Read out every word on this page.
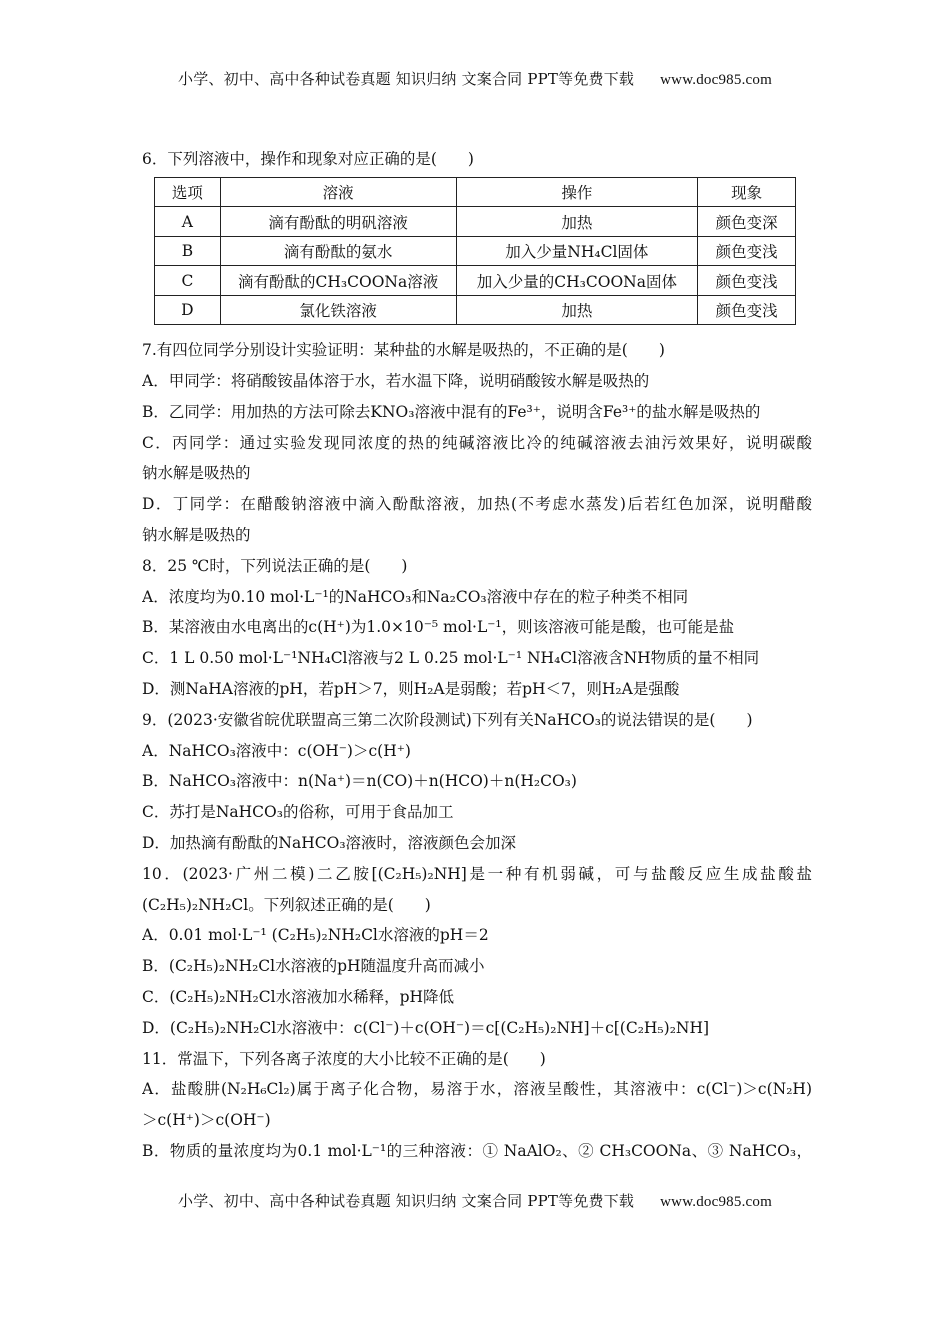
小学、初中、高中各种试卷真题 知识归纳 文案合同 PPT等免费下载 www.doc985.com
6．下列溶液中，操作和现象对应正确的是(　　)
选项	溶液	操作	现象
A	滴有酚酞的明矾溶液	加热	颜色变深
B	滴有酚酞的氨水	加入少量NH₄Cl固体	颜色变浅
C	滴有酚酞的CH₃COONa溶液	加入少量的CH₃COONa固体	颜色变浅
D	氯化铁溶液	加热	颜色变浅
7.有四位同学分别设计实验证明：某种盐的水解是吸热的，不正确的是(　　)
A．甲同学：将硝酸铵晶体溶于水，若水温下降，说明硝酸铵水解是吸热的
B．乙同学：用加热的方法可除去KNO₃溶液中混有的Fe³⁺，说明含Fe³⁺的盐水解是吸热的
C．丙同学：通过实验发现同浓度的热的纯碱溶液比冷的纯碱溶液去油污效果好，说明碳酸
钠水解是吸热的
D．丁同学：在醋酸钠溶液中滴入酚酞溶液，加热(不考虑水蒸发)后若红色加深，说明醋酸
钠水解是吸热的
8．25 ℃时，下列说法正确的是(　　)
A．浓度均为0.10 mol·L⁻¹的NaHCO₃和Na₂CO₃溶液中存在的粒子种类不相同
B．某溶液由水电离出的c(H⁺)为1.0×10⁻⁵ mol·L⁻¹，则该溶液可能是酸，也可能是盐
C．1 L 0.50 mol·L⁻¹NH₄Cl溶液与2 L 0.25 mol·L⁻¹ NH₄Cl溶液含NH物质的量不相同
D．测NaHA溶液的pH，若pH＞7，则H₂A是弱酸；若pH＜7，则H₂A是强酸
9．(2023·安徽省皖优联盟高三第二次阶段测试)下列有关NaHCO₃的说法错误的是(　　)
A．NaHCO₃溶液中：c(OH⁻)＞c(H⁺)
B．NaHCO₃溶液中：n(Na⁺)＝n(CO)＋n(HCO)＋n(H₂CO₃)
C．苏打是NaHCO₃的俗称，可用于食品加工
D．加热滴有酚酞的NaHCO₃溶液时，溶液颜色会加深
10．(2023·广州二模)二乙胺[(C₂H₅)₂NH]是一种有机弱碱，可与盐酸反应生成盐酸盐
(C₂H₅)₂NH₂Cl。下列叙述正确的是(　　)
A．0.01 mol·L⁻¹ (C₂H₅)₂NH₂Cl水溶液的pH＝2
B．(C₂H₅)₂NH₂Cl水溶液的pH随温度升高而减小
C．(C₂H₅)₂NH₂Cl水溶液加水稀释，pH降低
D．(C₂H₅)₂NH₂Cl水溶液中：c(Cl⁻)＋c(OH⁻)＝c[(C₂H₅)₂NH]＋c[(C₂H₅)₂NH]
11．常温下，下列各离子浓度的大小比较不正确的是(　　)
A．盐酸肼(N₂H₆Cl₂)属于离子化合物，易溶于水，溶液呈酸性，其溶液中：c(Cl⁻)＞c(N₂H)
＞c(H⁺)＞c(OH⁻)
B．物质的量浓度均为0.1 mol·L⁻¹的三种溶液：① NaAlO₂、② CH₃COONa、③ NaHCO₃，
小学、初中、高中各种试卷真题 知识归纳 文案合同 PPT等免费下载 www.doc985.com
